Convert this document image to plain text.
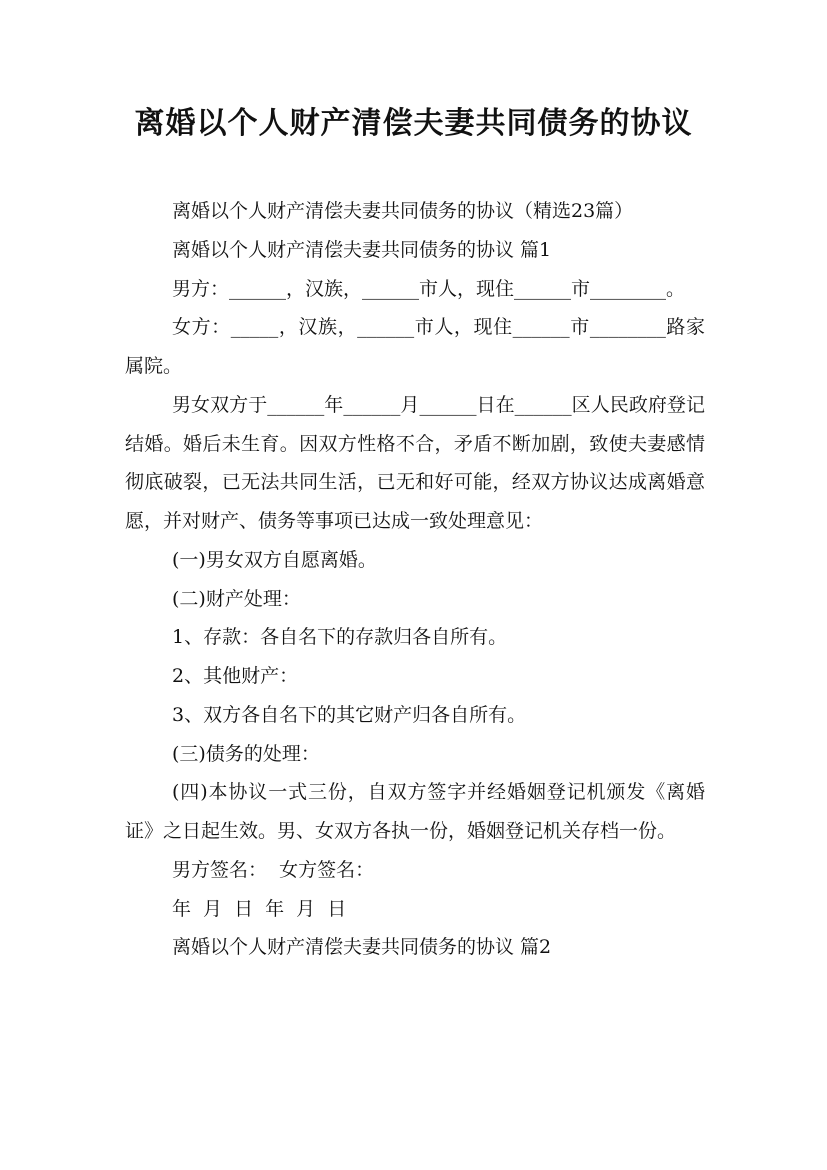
离婚以个人财产清偿夫妻共同债务的协议

离婚以个人财产清偿夫妻共同债务的协议（精选23篇）

离婚以个人财产清偿夫妻共同债务的协议 篇1

男方：______，汉族，______市人，现住______市________。

女方：_____，汉族，______市人，现住______市________路家属院。

男女双方于______年______月______日在______区人民政府登记结婚。婚后未生育。因双方性格不合，矛盾不断加剧，致使夫妻感情彻底破裂，已无法共同生活，已无和好可能，经双方协议达成离婚意愿，并对财产、债务等事项已达成一致处理意见：

(一)男女双方自愿离婚。

(二)财产处理：

1、存款：各自名下的存款归各自所有。

2、其他财产：

3、双方各自名下的其它财产归各自所有。

(三)债务的处理：

(四)本协议一式三份，自双方签字并经婚姻登记机颁发《离婚证》之日起生效。男、女双方各执一份，婚姻登记机关存档一份。

男方签名：  女方签名：

年 月 日 年 月 日

离婚以个人财产清偿夫妻共同债务的协议 篇2
